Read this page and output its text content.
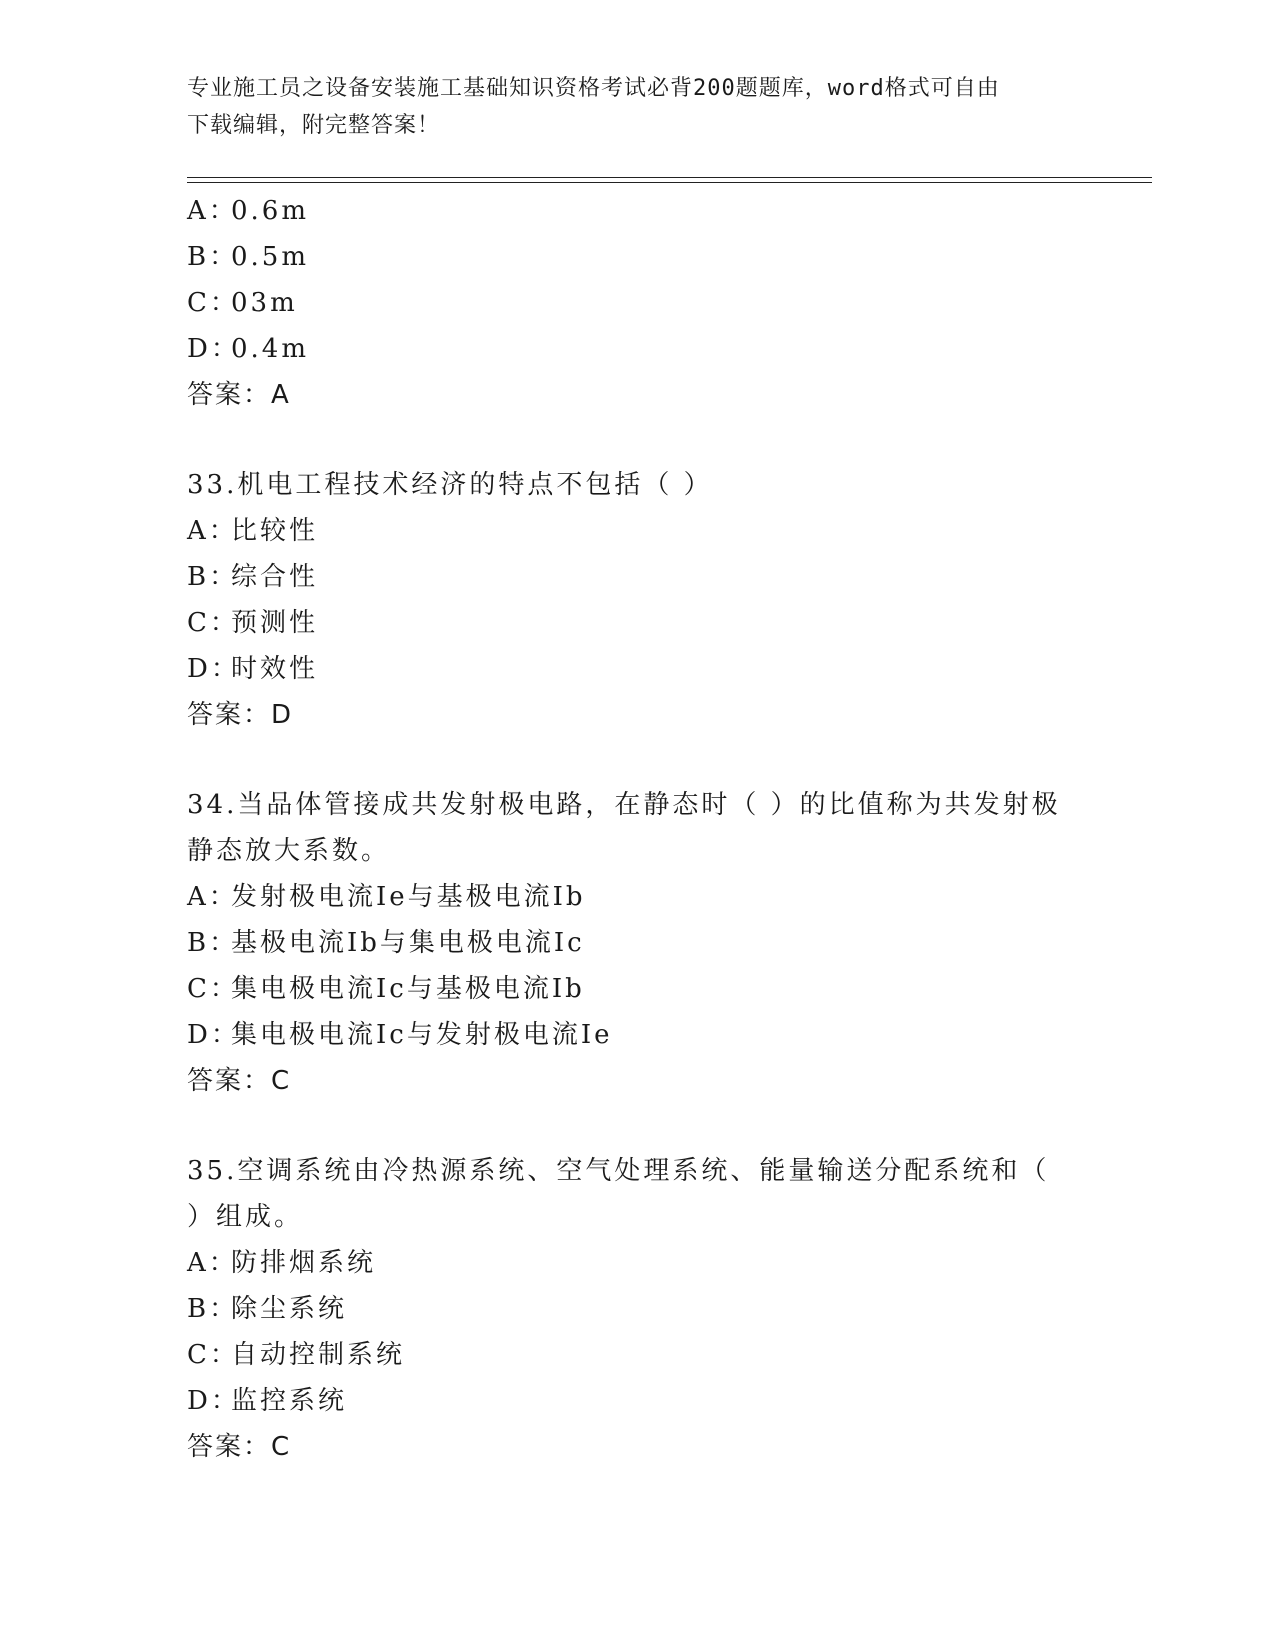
专业施工员之设备安装施工基础知识资格考试必背200题题库，word格式可自由
下载编辑，附完整答案！
A：0.6m
B：0.5m
C：03m
D：0.4m
答案：A
33.机电工程技术经济的特点不包括（ ）
A：比较性
B：综合性
C：预测性
D：时效性
答案：D
34.当品体管接成共发射极电路，在静态时（ ）的比值称为共发射极
静态放大系数。
A：发射极电流Ie与基极电流Ib
B：基极电流Ib与集电极电流Ic
C：集电极电流Ic与基极电流Ib
D：集电极电流Ic与发射极电流Ie
答案：C
35.空调系统由冷热源系统、空气处理系统、能量输送分配系统和（
）组成。
A：防排烟系统
B：除尘系统
C：自动控制系统
D：监控系统
答案：C
